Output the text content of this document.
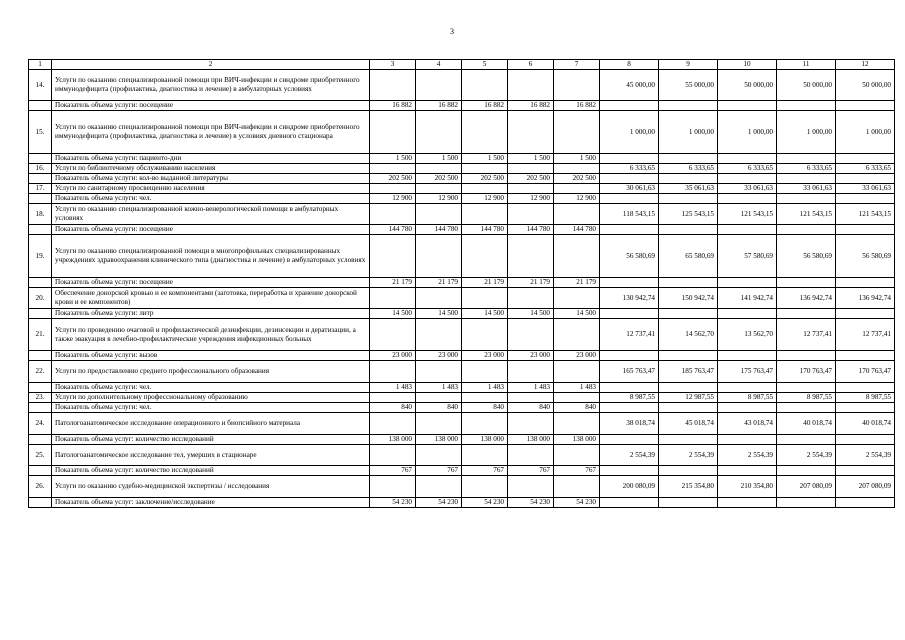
3
1	2	3	4	5	6	7	8	9	10	11	12
14.	Услуги по оказанию специализированной помощи при ВИЧ-инфекции и синдроме приобретенного иммунодефицита (профилактика, диагностика и лечение) в амбулаторных условиях						45 000,00	55 000,00	50 000,00	50 000,00	50 000,00
	Показатель объема услуги: посещение	16 882	16 882	16 882	16 882	16 882					
15.	Услуги по оказанию специализированной помощи при ВИЧ-инфекции и синдроме приобретенного иммунодефицита (профилактика, диагностика и лечение) в условиях дневного стационара						1 000,00	1 000,00	1 000,00	1 000,00	1 000,00
	Показатель объема услуги: пациенто-дни	1 500	1 500	1 500	1 500	1 500					
16.	Услуги по библиотечному обслуживанию населения						6 333,65	6 333,65	6 333,65	6 333,65	6 333,65
	Показатель объема услуги: кол-во выданной литературы	202 500	202 500	202 500	202 500	202 500					
17.	Услуги по санитарному просвещению населения						30 061,63	35 061,63	33 061,63	33 061,63	33 061,63
	Показатель объема услуги: чел.	12 900	12 900	12 900	12 900	12 900					
18.	Услуги по оказанию специализированной кожно-венерологической помощи в амбулаторных условиях						118 543,15	125 543,15	121 543,15	121 543,15	121 543,15
	Показатель объема услуги: посещение	144 780	144 780	144 780	144 780	144 780					
19.	Услуги по оказанию специализированной помощи в многопрофильных специализированных учреждениях здравоохранения клинического типа (диагностика и лечение) в амбулаторных условиях						56 580,69	65 580,69	57 580,69	56 580,69	56 580,69
	Показатель объема услуги: посещение	21 179	21 179	21 179	21 179	21 179					
20.	Обеспечение донорской кровью и ее компонентами (заготовка, переработка и хранение донорской крови и ее компонентов)						130 942,74	150 942,74	141 942,74	136 942,74	136 942,74
	Показатель объема услуги: литр	14 500	14 500	14 500	14 500	14 500					
21.	Услуги по проведению очаговой и профилактической дезинфекции, дезинсекции и дератизации, а также эвакуация в лечебно-профилактические учреждения инфекционных больных						12 737,41	14 562,70	13 562,70	12 737,41	12 737,41
	Показатель объема услуги: вызов	23 000	23 000	23 000	23 000	23 000					
22.	Услуги по предоставлению среднего профессионального образования						165 763,47	185 763,47	175 763,47	170 763,47	170 763,47
	Показатель объема услуги: чел.	1 483	1 483	1 483	1 483	1 483					
23.	Услуги по дополнительному профессиональному образованию						8 987,55	12 987,55	8 987,55	8 987,55	8 987,55
	Показатель объема услуги: чел.	840	840	840	840	840					
24.	Патологоанатомическое исследование операционного и биопсийного материала						38 018,74	45 018,74	43 018,74	40 018,74	40 018,74
	Показатель объема услуг: количество исследований	138 000	138 000	138 000	138 000	138 000					
25.	Патологоанатомическое исследование тел, умерших в стационаре						2 554,39	2 554,39	2 554,39	2 554,39	2 554,39
	Показатель объема услуг: количество исследований	767	767	767	767	767					
26.	Услуги по оказанию судебно-медицинской экспертизы / исследования						200 080,09	215 354,80	210 354,80	207 080,09	207 080,09
	Показатель объема услуг: заключение/исследование	54 230	54 230	54 230	54 230	54 230					
